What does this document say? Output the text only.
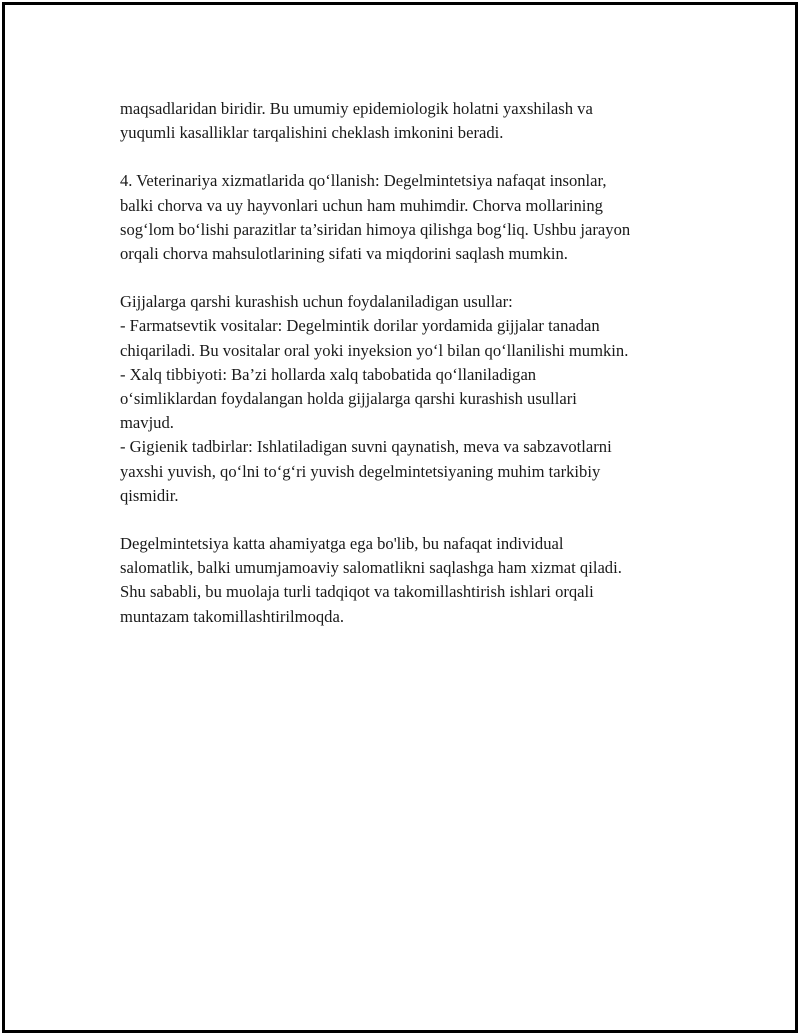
maqsadlaridan biridir. Bu umumiy epidemiologik holatni yaxshilash va
yuqumli kasalliklar tarqalishini cheklash imkonini beradi.

4. Veterinariya xizmatlarida qo‘llanish: Degelmintetsiya nafaqat insonlar,
balki chorva va uy hayvonlari uchun ham muhimdir. Chorva mollarining
sog‘lom bo‘lishi parazitlar ta’siridan himoya qilishga bog‘liq. Ushbu jarayon
orqali chorva mahsulotlarining sifati va miqdorini saqlash mumkin.

Gijjalarga qarshi kurashish uchun foydalaniladigan usullar:
- Farmatsevtik vositalar: Degelmintik dorilar yordamida gijjalar tanadan
chiqariladi. Bu vositalar oral yoki inyeksion yo‘l bilan qo‘llanilishi mumkin.
- Xalq tibbiyoti: Ba’zi hollarda xalq tabobatida qo‘llaniladigan
o‘simliklardan foydalangan holda gijjalarga qarshi kurashish usullari
mavjud.
- Gigienik tadbirlar: Ishlatiladigan suvni qaynatish, meva va sabzavotlarni
yaxshi yuvish, qo‘lni to‘g‘ri yuvish degelmintetsiyaning muhim tarkibiy
qismidir.

Degelmintetsiya katta ahamiyatga ega bo'lib, bu nafaqat individual
salomatlik, balki umumjamoaviy salomatlikni saqlashga ham xizmat qiladi.
Shu sababli, bu muolaja turli tadqiqot va takomillashtirish ishlari orqali
muntazam takomillashtirilmoqda.
